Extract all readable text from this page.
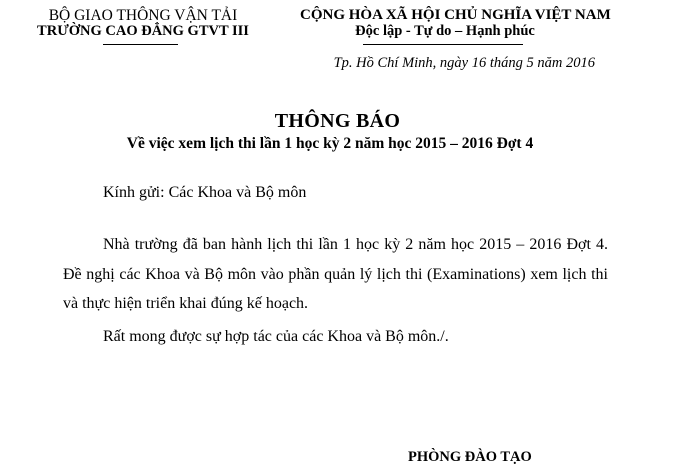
BỘ GIAO THÔNG VẬN TẢI
TRƯỜNG CAO ĐẲNG GTVT III
CỘNG HÒA XÃ HỘI CHỦ NGHĨA VIỆT NAM
Độc lập - Tự do – Hạnh phúc
Tp. Hồ Chí Minh, ngày 16 tháng 5 năm 2016
THÔNG BÁO
Về việc xem lịch thi lần 1 học kỳ 2 năm học 2015 – 2016 Đợt 4
Kính gửi: Các Khoa và Bộ môn
Nhà trường đã ban hành lịch thi lần 1 học kỳ 2 năm học 2015 – 2016 Đợt 4. Đề nghị các Khoa và Bộ môn vào phần quản lý lịch thi (Examinations) xem lịch thi và thực hiện triển khai đúng kế hoạch.
Rất mong được sự hợp tác của các Khoa và Bộ môn./.
PHÒNG ĐÀO TẠO
